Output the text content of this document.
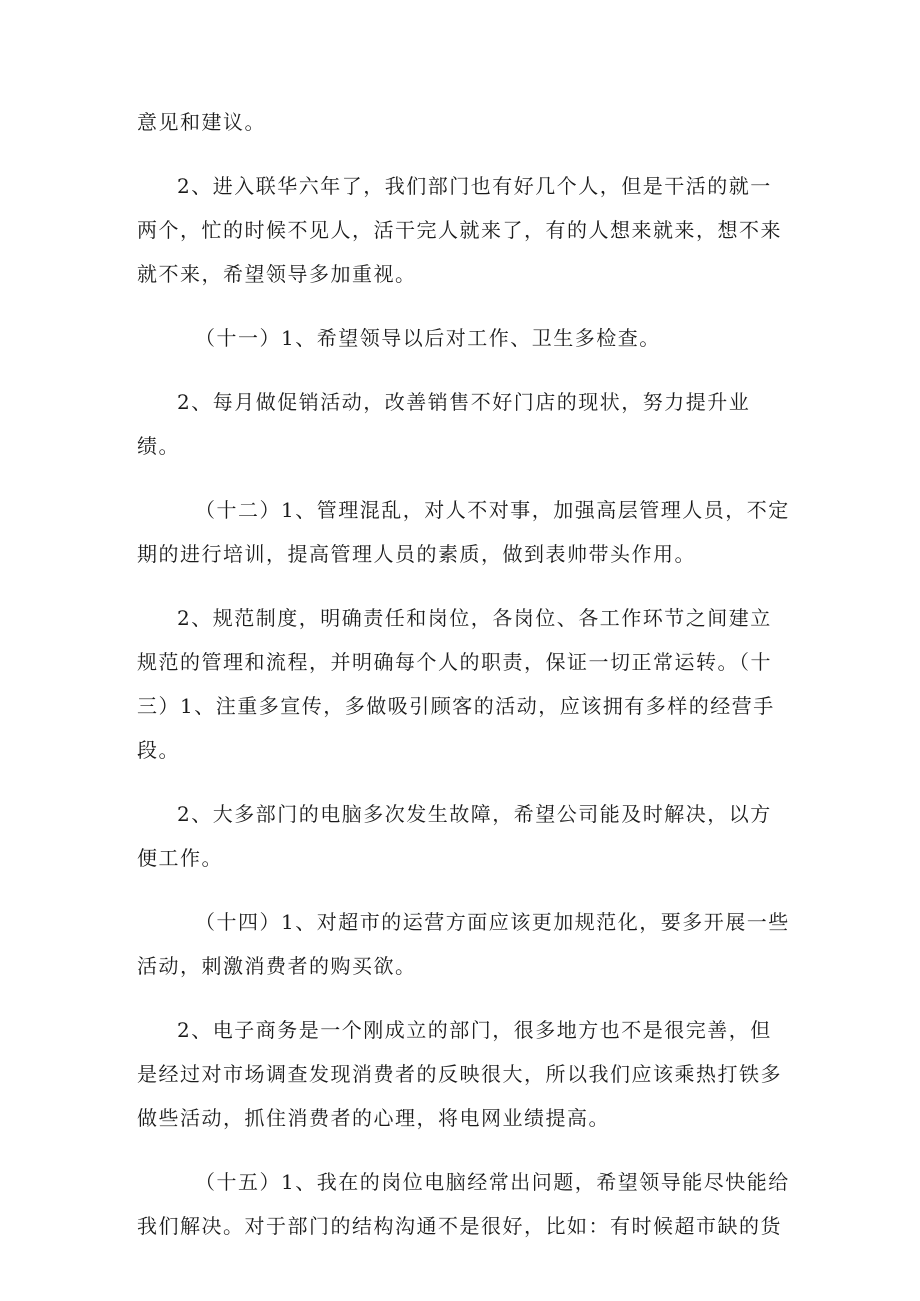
意见和建议。

2、进入联华六年了，我们部门也有好几个人，但是干活的就一两个，忙的时候不见人，活干完人就来了，有的人想来就来，想不来就不来，希望领导多加重视。

（十一）1、希望领导以后对工作、卫生多检查。

2、每月做促销活动，改善销售不好门店的现状，努力提升业绩。

（十二）1、管理混乱，对人不对事，加强高层管理人员，不定期的进行培训，提高管理人员的素质，做到表帅带头作用。

2、规范制度，明确责任和岗位，各岗位、各工作环节之间建立规范的管理和流程，并明确每个人的职责，保证一切正常运转。（十三）1、注重多宣传，多做吸引顾客的活动，应该拥有多样的经营手段。

2、大多部门的电脑多次发生故障，希望公司能及时解决，以方便工作。

（十四）1、对超市的运营方面应该更加规范化，要多开展一些活动，刺激消费者的购买欲。

2、电子商务是一个刚成立的部门，很多地方也不是很完善，但是经过对市场调查发现消费者的反映很大，所以我们应该乘热打铁多做些活动，抓住消费者的心理，将电网业绩提高。

（十五）1、我在的岗位电脑经常出问题，希望领导能尽快能给我们解决。对于部门的结构沟通不是很好，比如：有时候超市缺的货
